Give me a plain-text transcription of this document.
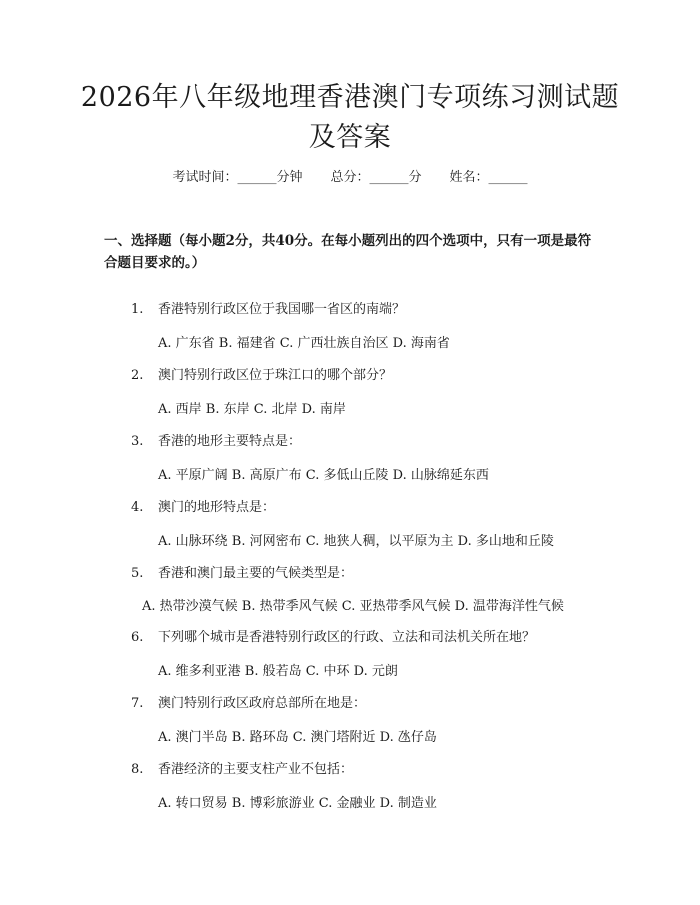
2026年八年级地理香港澳门专项练习测试题
及答案
考试时间：______分钟 总分：______分 姓名：______
一、选择题（每小题2分，共40分。在每小题列出的四个选项中，只有一项是最符合题目要求的。）
1. 香港特别行政区位于我国哪一省区的南端？
A. 广东省 B. 福建省 C. 广西壮族自治区 D. 海南省
2. 澳门特别行政区位于珠江口的哪个部分？
A. 西岸 B. 东岸 C. 北岸 D. 南岸
3. 香港的地形主要特点是：
A. 平原广阔 B. 高原广布 C. 多低山丘陵 D. 山脉绵延东西
4. 澳门的地形特点是：
A. 山脉环绕 B. 河网密布 C. 地狭人稠，以平原为主 D. 多山地和丘陵
5. 香港和澳门最主要的气候类型是：
A. 热带沙漠气候 B. 热带季风气候 C. 亚热带季风气候 D. 温带海洋性气候
6. 下列哪个城市是香港特别行政区的行政、立法和司法机关所在地？
A. 维多利亚港 B. 般若岛 C. 中环 D. 元朗
7. 澳门特别行政区政府总部所在地是：
A. 澳门半岛 B. 路环岛 C. 澳门塔附近 D. 氹仔岛
8. 香港经济的主要支柱产业不包括：
A. 转口贸易 B. 博彩旅游业 C. 金融业 D. 制造业
